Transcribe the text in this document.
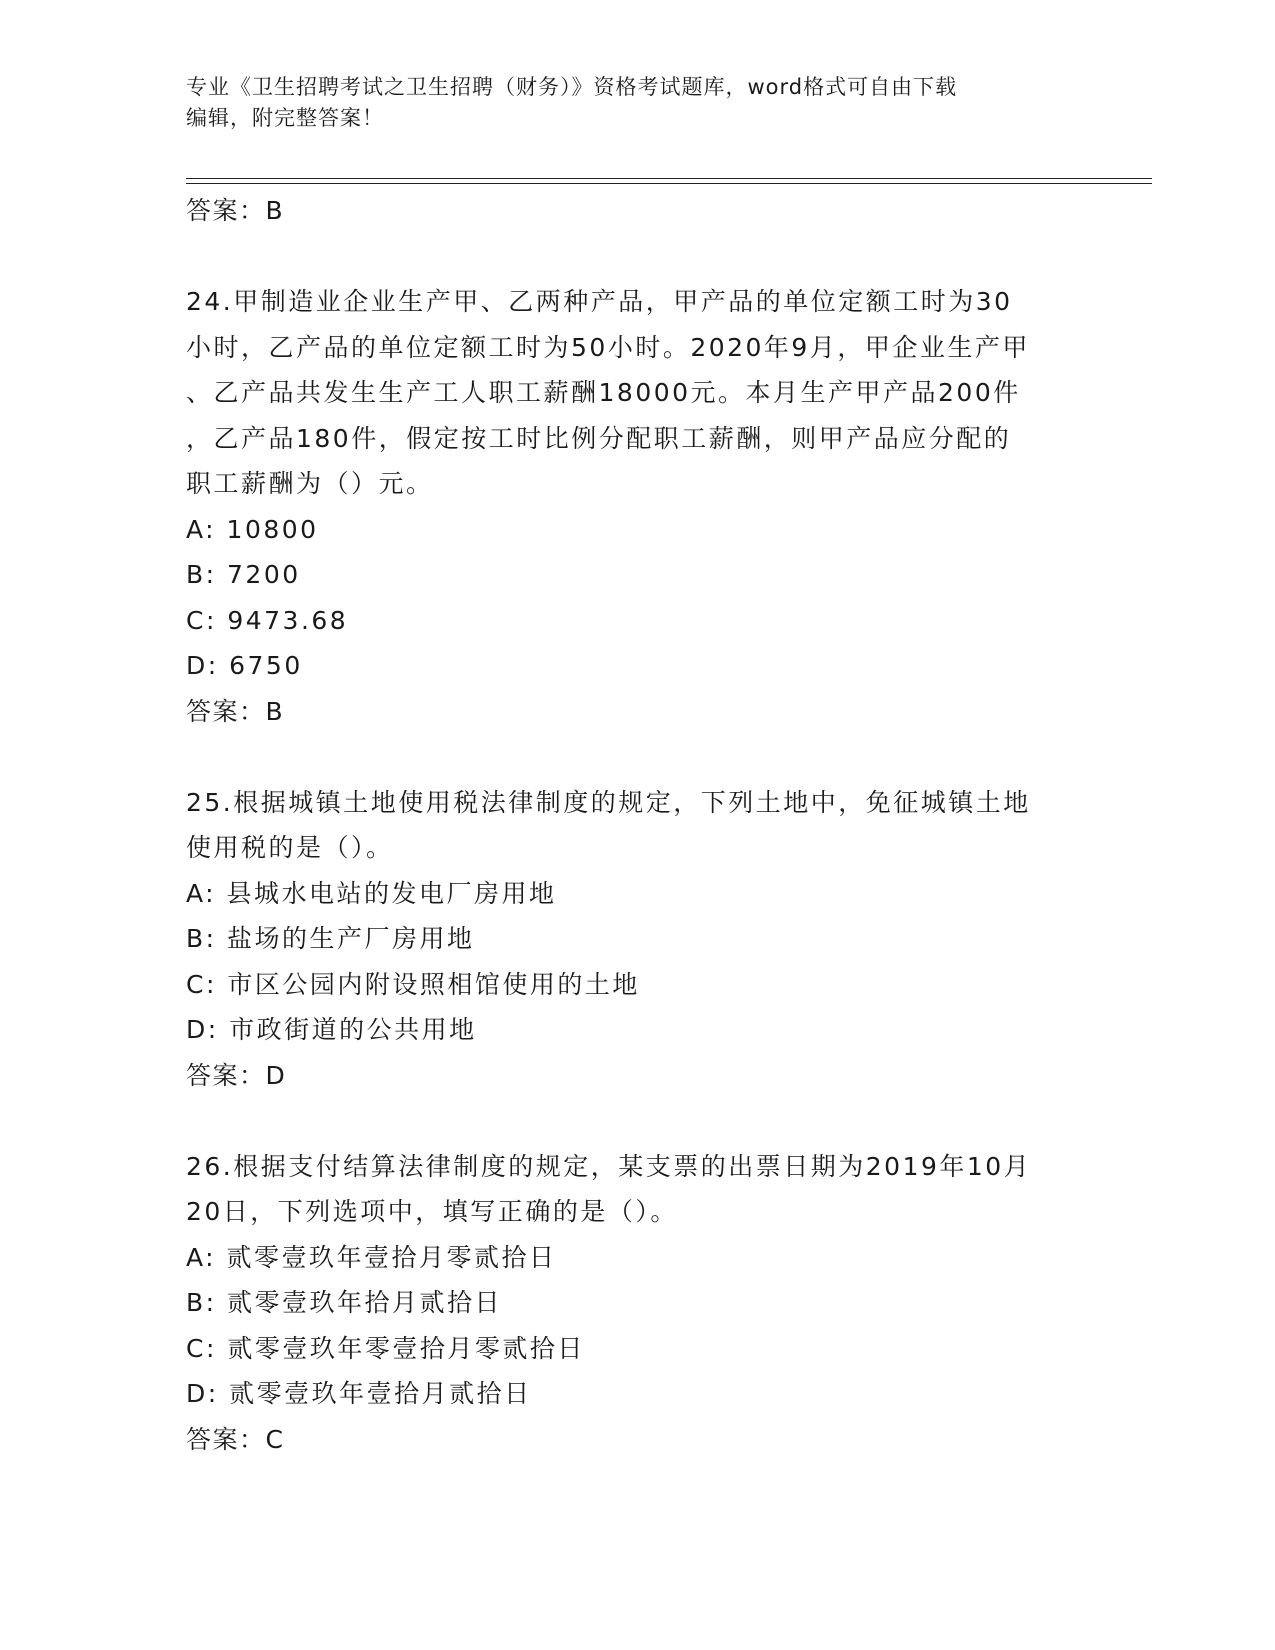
专业《卫生招聘考试之卫生招聘（财务）》资格考试题库，word格式可自由下载
编辑，附完整答案！
答案：B
24.甲制造业企业生产甲、乙两种产品，甲产品的单位定额工时为30
小时，乙产品的单位定额工时为50小时。2020年9月，甲企业生产甲
、乙产品共发生生产工人职工薪酬18000元。本月生产甲产品200件
，乙产品180件，假定按工时比例分配职工薪酬，则甲产品应分配的
职工薪酬为（）元。
A: 10800
B: 7200
C: 9473.68
D: 6750
答案：B
25.根据城镇土地使用税法律制度的规定，下列土地中，免征城镇土地
使用税的是（）。
A: 县城水电站的发电厂房用地
B: 盐场的生产厂房用地
C: 市区公园内附设照相馆使用的土地
D: 市政街道的公共用地
答案：D
26.根据支付结算法律制度的规定，某支票的出票日期为2019年10月
20日，下列选项中，填写正确的是（）。
A: 贰零壹玖年壹拾月零贰拾日
B: 贰零壹玖年拾月贰拾日
C: 贰零壹玖年零壹拾月零贰拾日
D: 贰零壹玖年壹拾月贰拾日
答案：C
